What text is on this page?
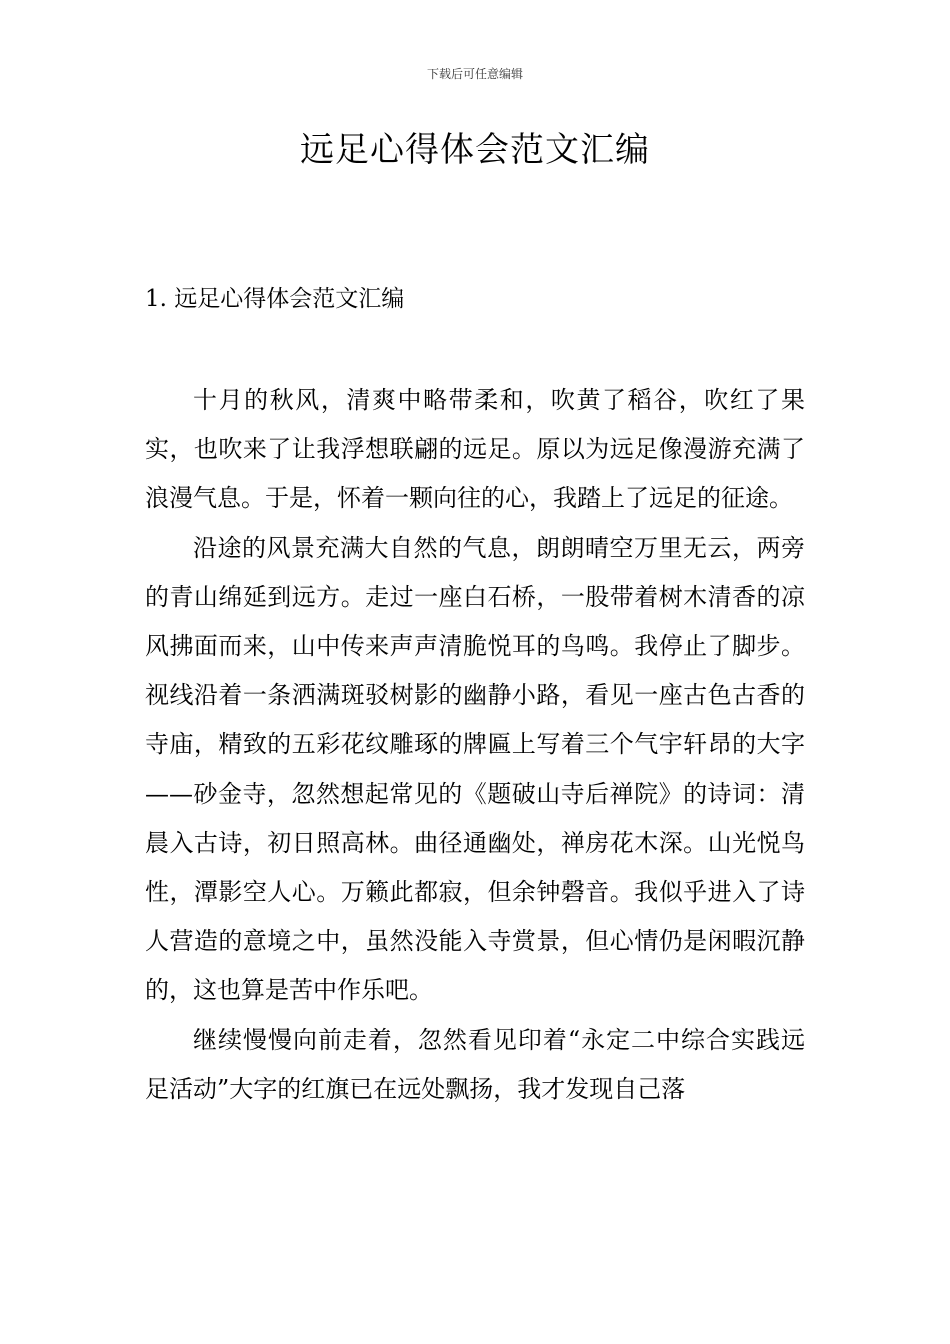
下载后可任意编辑
远足心得体会范文汇编
1. 远足心得体会范文汇编

十月的秋风，清爽中略带柔和，吹黄了稻谷，吹红了果实，也吹来了让我浮想联翩的远足。原以为远足像漫游充满了浪漫气息。于是，怀着一颗向往的心，我踏上了远足的征途。

沿途的风景充满大自然的气息，朗朗晴空万里无云，两旁的青山绵延到远方。走过一座白石桥，一股带着树木清香的凉风拂面而来，山中传来声声清脆悦耳的鸟鸣。我停止了脚步。视线沿着一条洒满斑驳树影的幽静小路，看见一座古色古香的寺庙，精致的五彩花纹雕琢的牌匾上写着三个气宇轩昂的大字——砂金寺，忽然想起常见的《题破山寺后禅院》的诗词：清晨入古诗，初日照高林。曲径通幽处，禅房花木深。山光悦鸟性，潭影空人心。万籁此都寂，但余钟磬音。我似乎进入了诗人营造的意境之中，虽然没能入寺赏景，但心情仍是闲暇沉静的，这也算是苦中作乐吧。

继续慢慢向前走着，忽然看见印着“永定二中综合实践远足活动”大字的红旗已在远处飘扬，我才发现自己落
